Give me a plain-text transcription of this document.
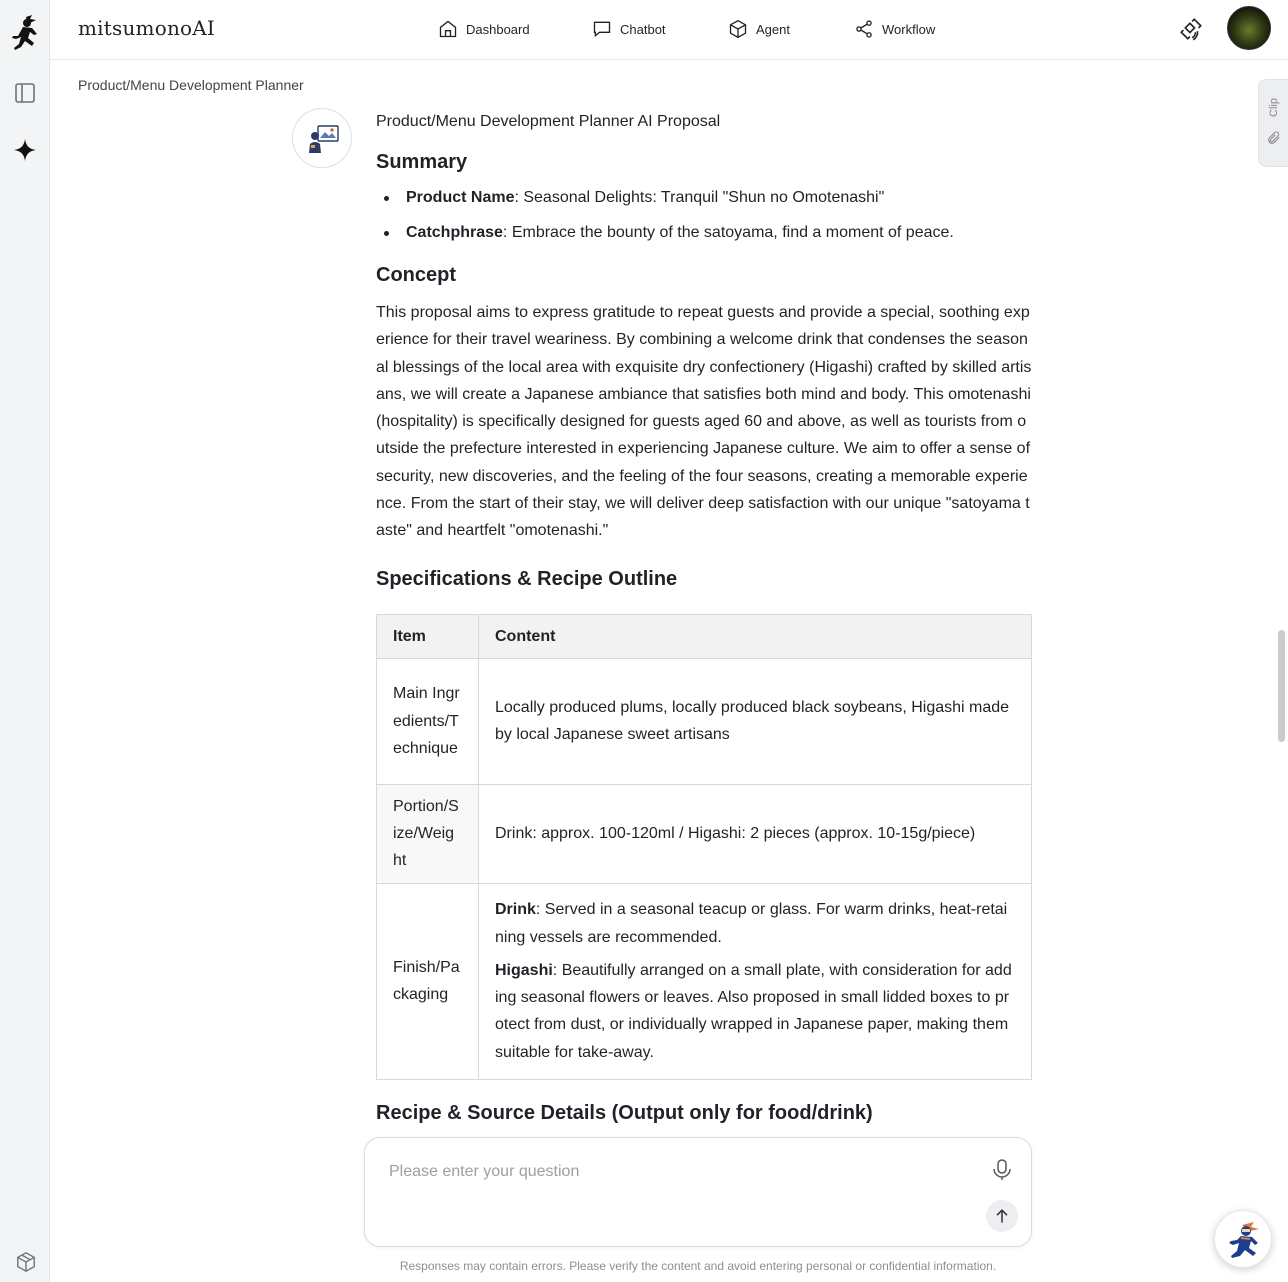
mitsumonoAI	Dashboard	Chatbot	Agent	Workflow
Product/Menu Development Planner
Clip
Product/Menu Development Planner AI Proposal
Summary
Product Name: Seasonal Delights: Tranquil "Shun no Omotenashi"
Catchphrase: Embrace the bounty of the satoyama, find a moment of peace.
Concept

This proposal aims to express gratitude to repeat guests and provide a special, soothing experience for their travel weariness. By combining a welcome drink that condenses the seasonal blessings of the local area with exquisite dry confectionery (Higashi) crafted by skilled artisans, we will create a Japanese ambiance that satisfies both mind and body. This omotenashi (hospitality) is specifically designed for guests aged 60 and above, as well as tourists from outside the prefecture interested in experiencing Japanese culture. We aim to offer a sense of security, new discoveries, and the feeling of the four seasons, creating a memorable experience. From the start of their stay, we will deliver deep satisfaction with our unique "satoyama taste" and heartfelt "omotenashi."

Specifications & Recipe Outline
Item	Content
Main Ingredients/Technique	Locally produced plums, locally produced black soybeans, Higashi made by local Japanese sweet artisans
Portion/Size/Weight	Drink: approx. 100-120ml / Higashi: 2 pieces (approx. 10-15g/piece)
Finish/Packaging	Drink: Served in a seasonal teacup or glass. For warm drinks, heat-retaining vessels are recommended.

Higashi: Beautifully arranged on a small plate, with consideration for adding seasonal flowers or leaves. Also proposed in small lidded boxes to protect from dust, or individually wrapped in Japanese paper, making them suitable for take-away.

Recipe & Source Details (Output only for food/drink)
Please enter your question
Responses may contain errors. Please verify the content and avoid entering personal or confidential information.
